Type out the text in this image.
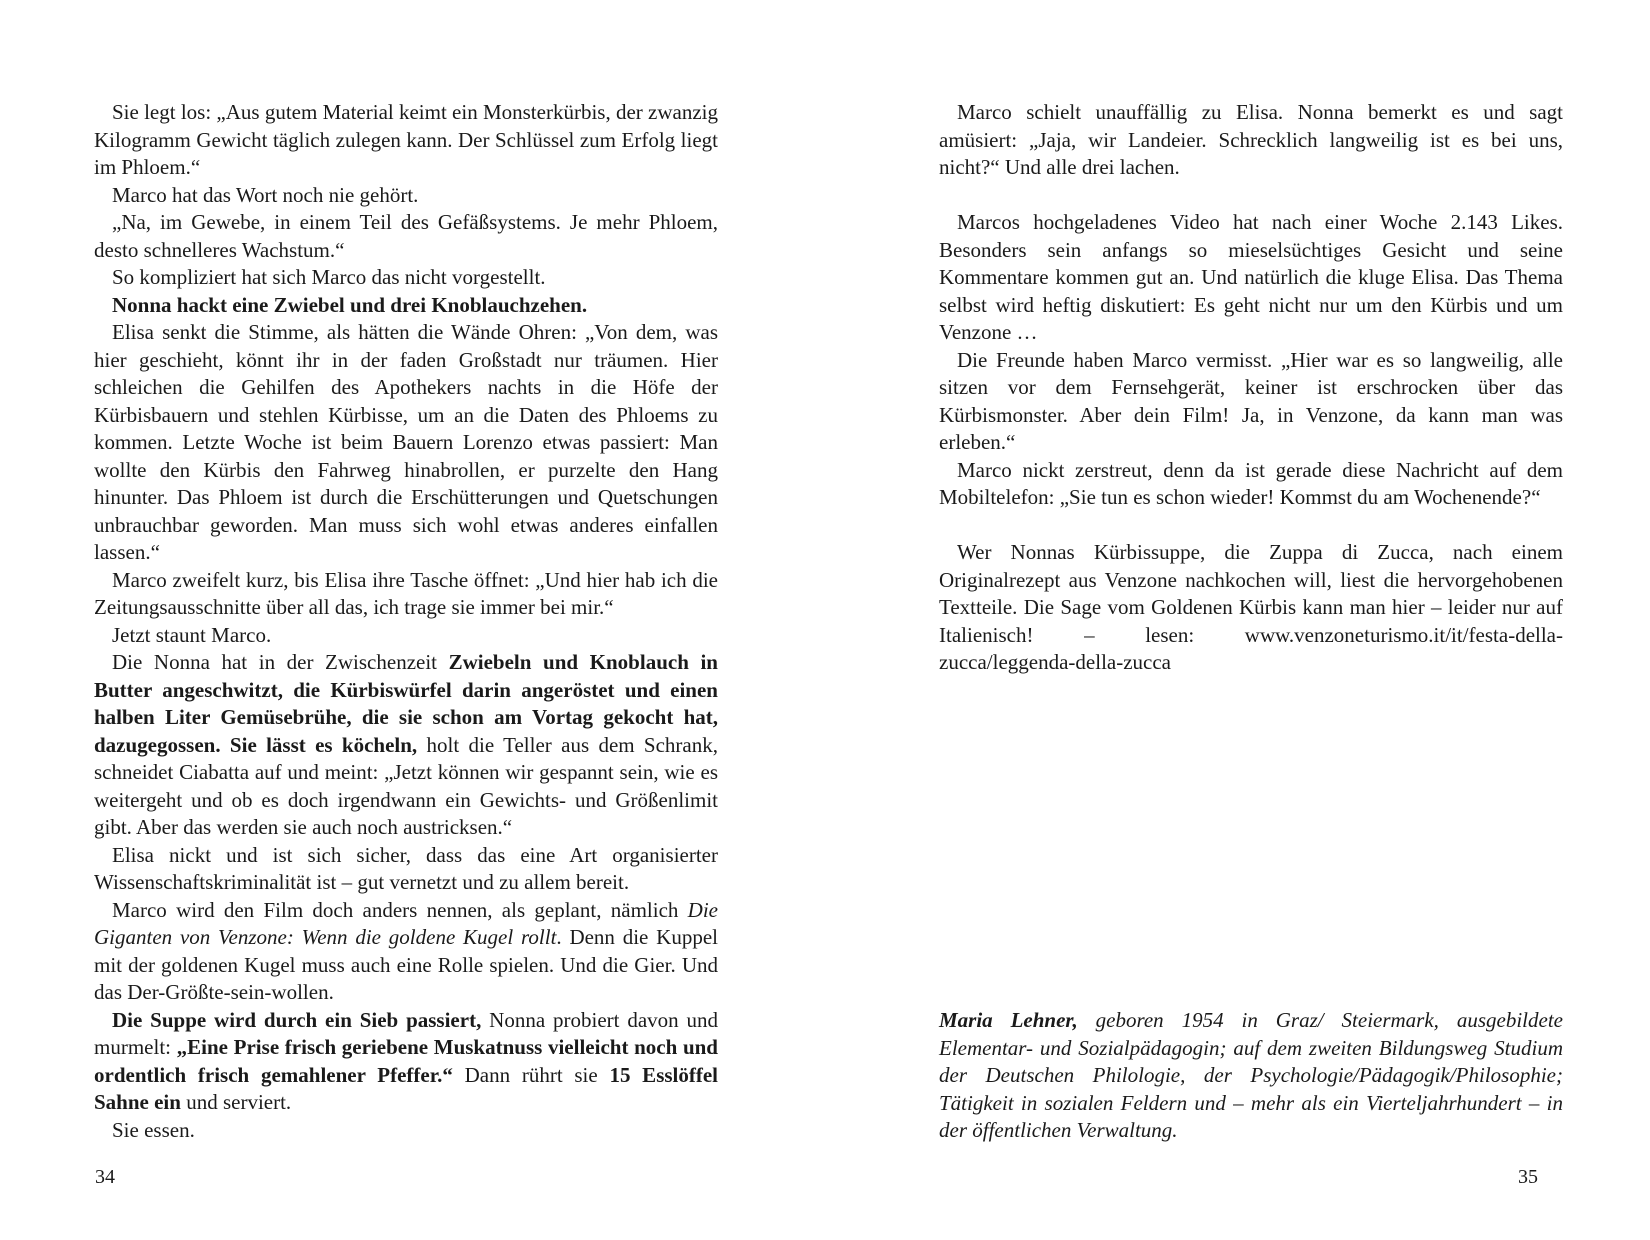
Sie legt los: „Aus gutem Material keimt ein Monsterkürbis, der zwanzig Kilogramm Gewicht täglich zulegen kann. Der Schlüssel zum Erfolg liegt im Phloem.“

Marco hat das Wort noch nie gehört.

„Na, im Gewebe, in einem Teil des Gefäßsystems. Je mehr Phloem, desto schnelleres Wachstum.“

So kompliziert hat sich Marco das nicht vorgestellt.

Nonna hackt eine Zwiebel und drei Knoblauchzehen.

Elisa senkt die Stimme, als hätten die Wände Ohren: „Von dem, was hier geschieht, könnt ihr in der faden Großstadt nur träumen. Hier schleichen die Gehilfen des Apothekers nachts in die Höfe der Kürbisbauern und stehlen Kürbisse, um an die Daten des Phloems zu kommen. Letzte Woche ist beim Bauern Lorenzo etwas passiert: Man wollte den Kürbis den Fahrweg hinabrollen, er purzelte den Hang hinunter. Das Phloem ist durch die Erschütterungen und Quetschungen unbrauchbar geworden. Man muss sich wohl etwas anderes einfallen lassen.“

Marco zweifelt kurz, bis Elisa ihre Tasche öffnet: „Und hier hab ich die Zeitungsausschnitte über all das, ich trage sie immer bei mir.“

Jetzt staunt Marco.

Die Nonna hat in der Zwischenzeit Zwiebeln und Knoblauch in Butter angeschwitzt, die Kürbiswürfel darin angeröstet und einen halben Liter Gemüsebrühe, die sie schon am Vortag gekocht hat, dazugegossen. Sie lässt es köcheln, holt die Teller aus dem Schrank, schneidet Ciabatta auf und meint: „Jetzt können wir gespannt sein, wie es weitergeht und ob es doch irgendwann ein Gewichts- und Größenlimit gibt. Aber das werden sie auch noch austricksen.“

Elisa nickt und ist sich sicher, dass das eine Art organisierter Wissenschaftskriminalität ist – gut vernetzt und zu allem bereit.

Marco wird den Film doch anders nennen, als geplant, nämlich Die Giganten von Venzone: Wenn die goldene Kugel rollt. Denn die Kuppel mit der goldenen Kugel muss auch eine Rolle spielen. Und die Gier. Und das Der-Größte-sein-wollen.

Die Suppe wird durch ein Sieb passiert, Nonna probiert davon und murmelt: „Eine Prise frisch geriebene Muskatnuss vielleicht noch und ordentlich frisch gemahlener Pfeffer.“ Dann rührt sie 15 Esslöffel Sahne ein und serviert.

Sie essen.

34

Marco schielt unauffällig zu Elisa. Nonna bemerkt es und sagt amüsiert: „Jaja, wir Landeier. Schrecklich langweilig ist es bei uns, nicht?“ Und alle drei lachen.

Marcos hochgeladenes Video hat nach einer Woche 2.143 Likes. Besonders sein anfangs so mieselsüchtiges Gesicht und seine Kommentare kommen gut an. Und natürlich die kluge Elisa. Das Thema selbst wird heftig diskutiert: Es geht nicht nur um den Kürbis und um Venzone …

Die Freunde haben Marco vermisst. „Hier war es so langweilig, alle sitzen vor dem Fernsehgerät, keiner ist erschrocken über das Kürbismonster. Aber dein Film! Ja, in Venzone, da kann man was erleben.“

Marco nickt zerstreut, denn da ist gerade diese Nachricht auf dem Mobiltelefon: „Sie tun es schon wieder! Kommst du am Wochenende?“

Wer Nonnas Kürbissuppe, die Zuppa di Zucca, nach einem Originalrezept aus Venzone nachkochen will, liest die hervorgehobenen Textteile. Die Sage vom Goldenen Kürbis kann man hier – leider nur auf Italienisch! – lesen: www.venzoneturismo.it/it/festa-della-zucca/leggenda-della-zucca

Maria Lehner, geboren 1954 in Graz/ Steiermark, ausgebildete Elementar- und Sozialpädagogin; auf dem zweiten Bildungsweg Studium der Deutschen Philologie, der Psychologie/Pädagogik/Philosophie; Tätigkeit in sozialen Feldern und – mehr als ein Vierteljahrhundert – in der öffentlichen Verwaltung.
35
